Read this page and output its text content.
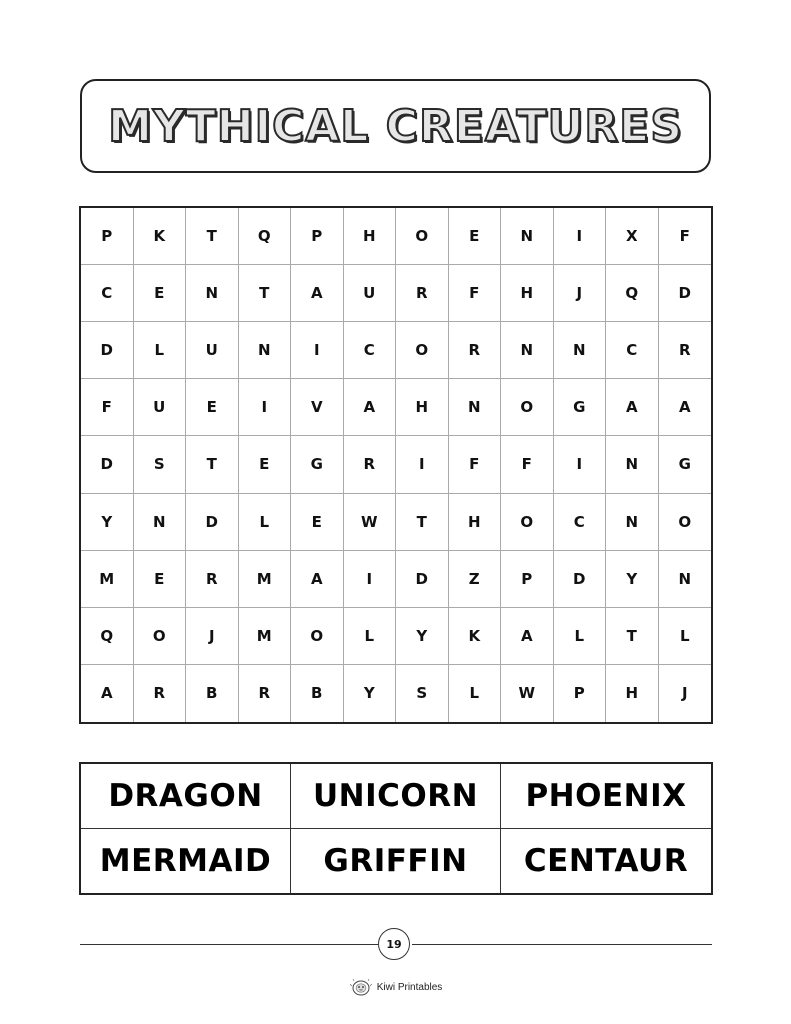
MYTHICAL CREATURES
P	K	T	Q	P	H	O	E	N	I	X	F
C	E	N	T	A	U	R	F	H	J	Q	D
D	L	U	N	I	C	O	R	N	N	C	R
F	U	E	I	V	A	H	N	O	G	A	A
D	S	T	E	G	R	I	F	F	I	N	G
Y	N	D	L	E	W	T	H	O	C	N	O
M	E	R	M	A	I	D	Z	P	D	Y	N
Q	O	J	M	O	L	Y	K	A	L	T	L
A	R	B	R	B	Y	S	L	W	P	H	J
DRAGON	UNICORN	PHOENIX
MERMAID	GRIFFIN	CENTAUR
19
Kiwi Printables
